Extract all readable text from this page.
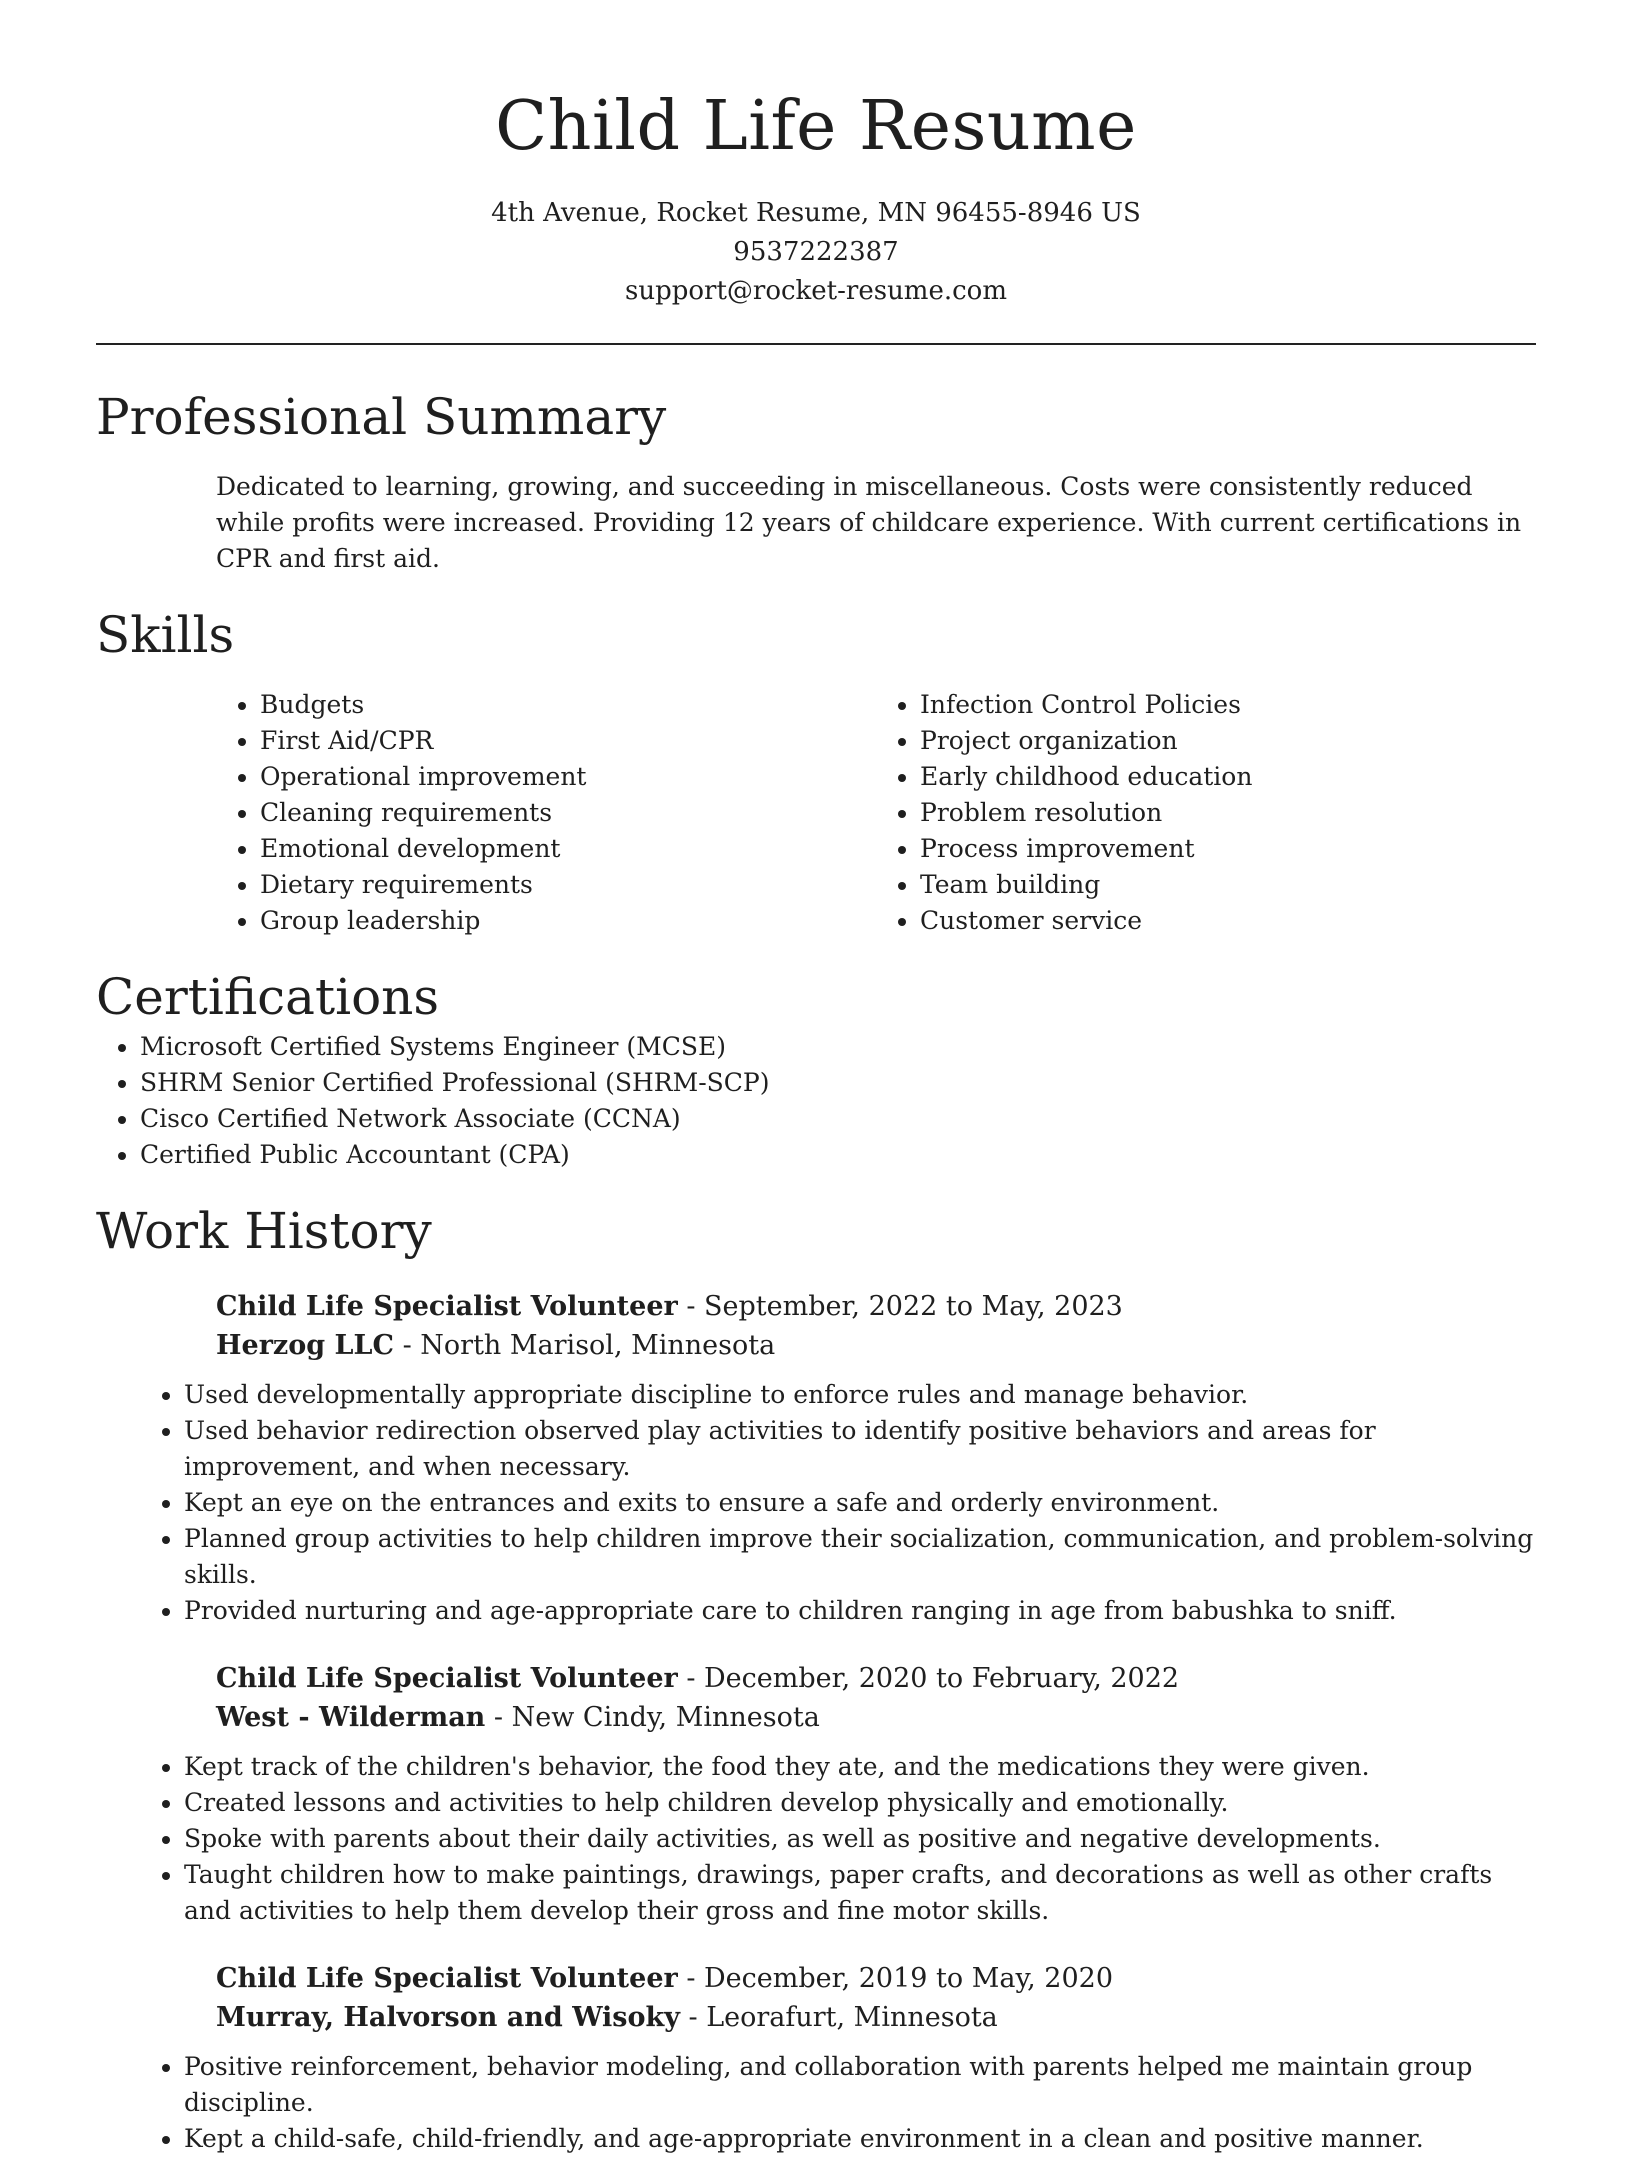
Child Life Resume
4th Avenue, Rocket Resume, MN 96455-8946 US
9537222387
support@rocket-resume.com
Professional Summary

Dedicated to learning, growing, and succeeding in miscellaneous. Costs were consistently reduced while profits were increased. Providing 12 years of childcare experience. With current certifications in CPR and first aid.

Skills
• Budgets
• First Aid/CPR
• Operational improvement
• Cleaning requirements
• Emotional development
• Dietary requirements
• Group leadership
• Infection Control Policies
• Project organization
• Early childhood education
• Problem resolution
• Process improvement
• Team building
• Customer service
Certifications
• Microsoft Certified Systems Engineer (MCSE)
• SHRM Senior Certified Professional (SHRM-SCP)
• Cisco Certified Network Associate (CCNA)
• Certified Public Accountant (CPA)
Work History
Child Life Specialist Volunteer - September, 2022 to May, 2023
Herzog LLC - North Marisol, Minnesota
• Used developmentally appropriate discipline to enforce rules and manage behavior.
• Used behavior redirection observed play activities to identify positive behaviors and areas for improvement, and when necessary.
• Kept an eye on the entrances and exits to ensure a safe and orderly environment.
• Planned group activities to help children improve their socialization, communication, and problem-solving skills.
• Provided nurturing and age-appropriate care to children ranging in age from babushka to sniff.
Child Life Specialist Volunteer - December, 2020 to February, 2022
West - Wilderman - New Cindy, Minnesota
• Kept track of the children's behavior, the food they ate, and the medications they were given.
• Created lessons and activities to help children develop physically and emotionally.
• Spoke with parents about their daily activities, as well as positive and negative developments.
• Taught children how to make paintings, drawings, paper crafts, and decorations as well as other crafts and activities to help them develop their gross and fine motor skills.
Child Life Specialist Volunteer - December, 2019 to May, 2020
Murray, Halvorson and Wisoky - Leorafurt, Minnesota
• Positive reinforcement, behavior modeling, and collaboration with parents helped me maintain group discipline.
• Kept a child-safe, child-friendly, and age-appropriate environment in a clean and positive manner.
